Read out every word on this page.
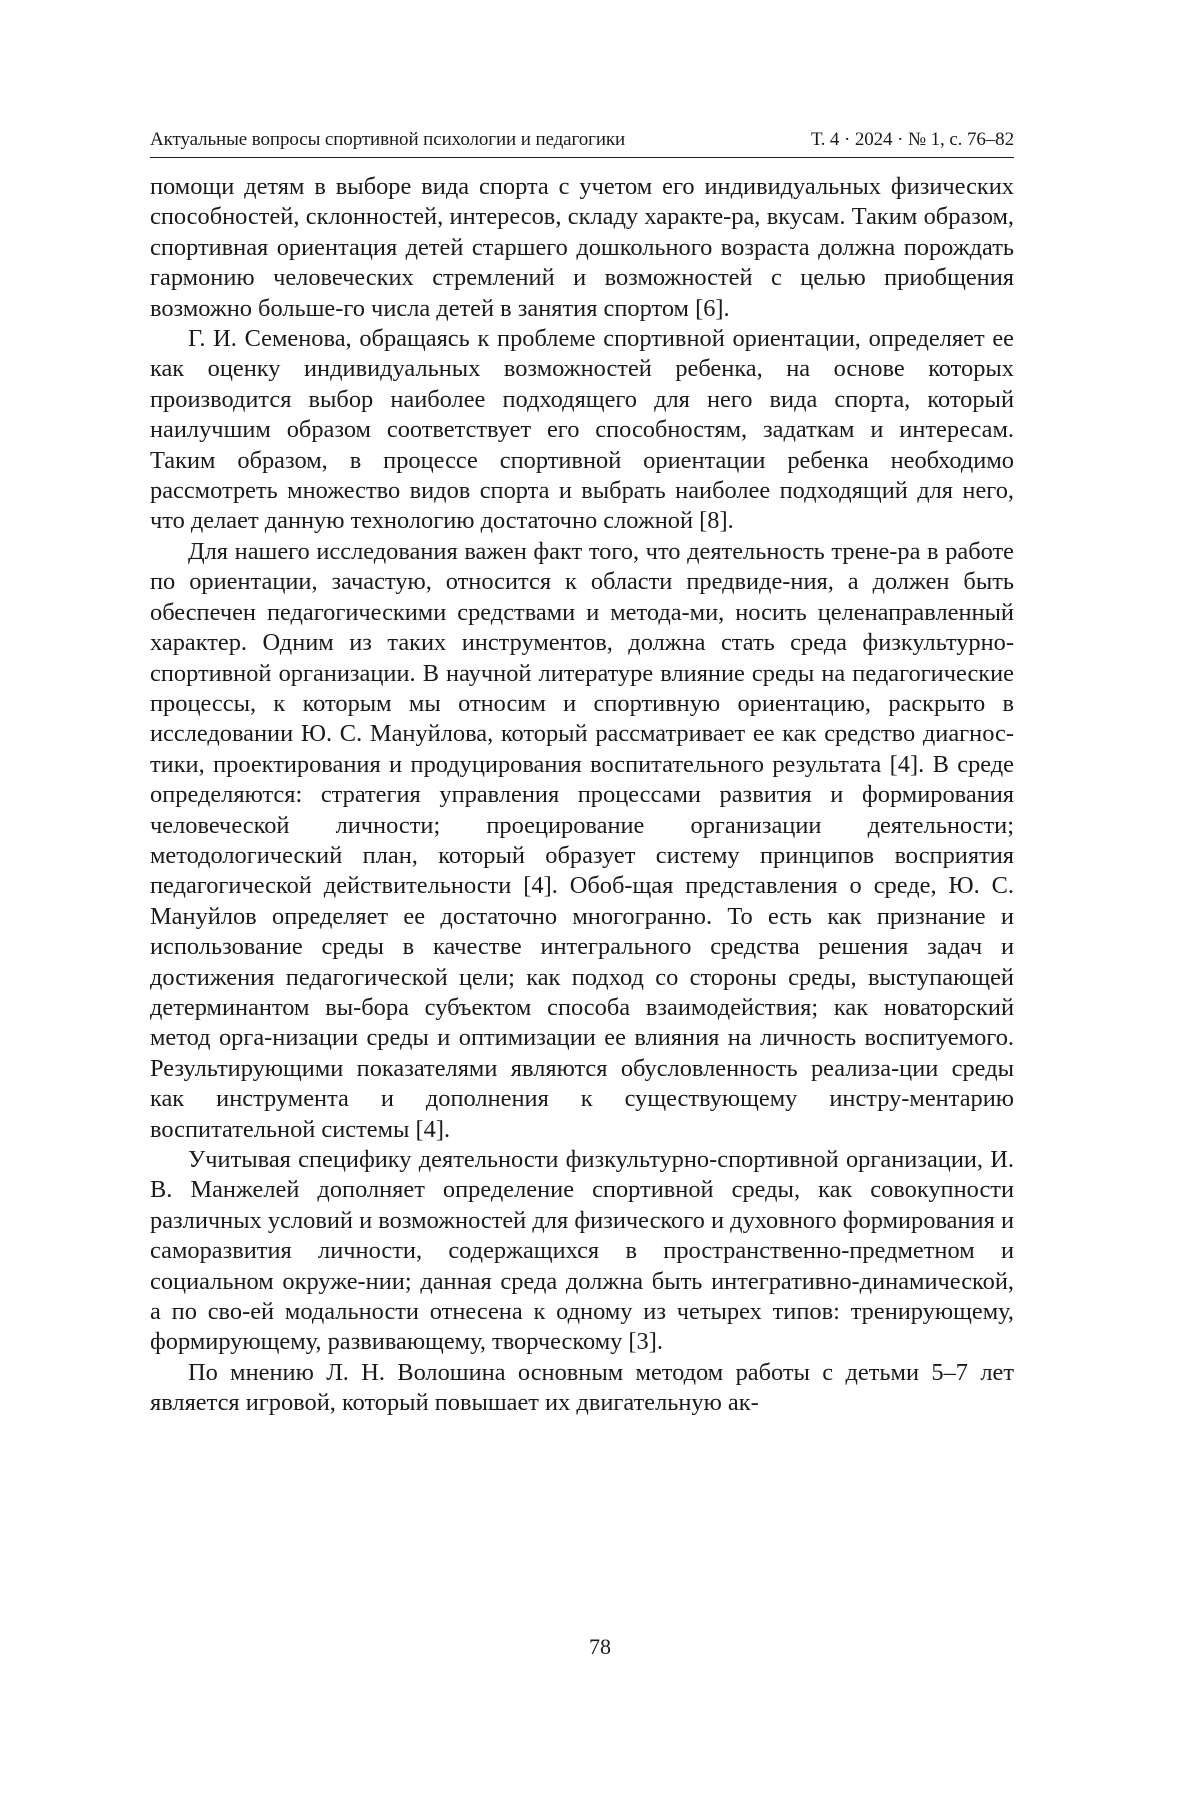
Актуальные вопросы спортивной психологии и педагогики	Т. 4 · 2024 · № 1, с. 76–82

помощи детям в выборе вида спорта с учетом его индивидуальных физических способностей, склонностей, интересов, складу характе-ра, вкусам. Таким образом, спортивная ориентация детей старшего дошкольного возраста должна порождать гармонию человеческих стремлений и возможностей с целью приобщения возможно больше-го числа детей в занятия спортом [6].

Г. И. Семенова, обращаясь к проблеме спортивной ориентации, определяет ее как оценку индивидуальных возможностей ребенка, на основе которых производится выбор наиболее подходящего для него вида спорта, который наилучшим образом соответствует его способностям, задаткам и интересам. Таким образом, в процессе спортивной ориентации ребенка необходимо рассмотреть множество видов спорта и выбрать наиболее подходящий для него, что делает данную технологию достаточно сложной [8].

Для нашего исследования важен факт того, что деятельность трене-ра в работе по ориентации, зачастую, относится к области предвиде-ния, а должен быть обеспечен педагогическими средствами и метода-ми, носить целенаправленный характер. Одним из таких инструментов, должна стать среда физкультурно-спортивной организации. В научной литературе влияние среды на педагогические процессы, к которым мы относим и спортивную ориентацию, раскрыто в исследовании Ю. С. Мануйлова, который рассматривает ее как средство диагнос-тики, проектирования и продуцирования воспитательного результата [4]. В среде определяются: стратегия управления процессами развития и формирования человеческой личности; проецирование организации деятельности; методологический план, который образует систему принципов восприятия педагогической действительности [4]. Обоб-щая представления о среде, Ю. С. Мануйлов определяет ее достаточно многогранно. То есть как признание и использование среды в качестве интегрального средства решения задач и достижения педагогической цели; как подход со стороны среды, выступающей детерминантом вы-бора субъектом способа взаимодействия; как новаторский метод орга-низации среды и оптимизации ее влияния на личность воспитуемого. Результирующими показателями являются обусловленность реализа-ции среды как инструмента и дополнения к существующему инстру-ментарию воспитательной системы [4].

Учитывая специфику деятельности физкультурно-спортивной организации, И. В. Манжелей дополняет определение спортивной среды, как совокупности различных условий и возможностей для физического и духовного формирования и саморазвития личности, содержащихся в пространственно-предметном и социальном окруже-нии; данная среда должна быть интегративно-динамической, а по сво-ей модальности отнесена к одному из четырех типов: тренирующему, формирующему, развивающему, творческому [3].

По мнению Л. Н. Волошина основным методом работы с детьми 5–7 лет является игровой, который повышает их двигательную ак-

78
